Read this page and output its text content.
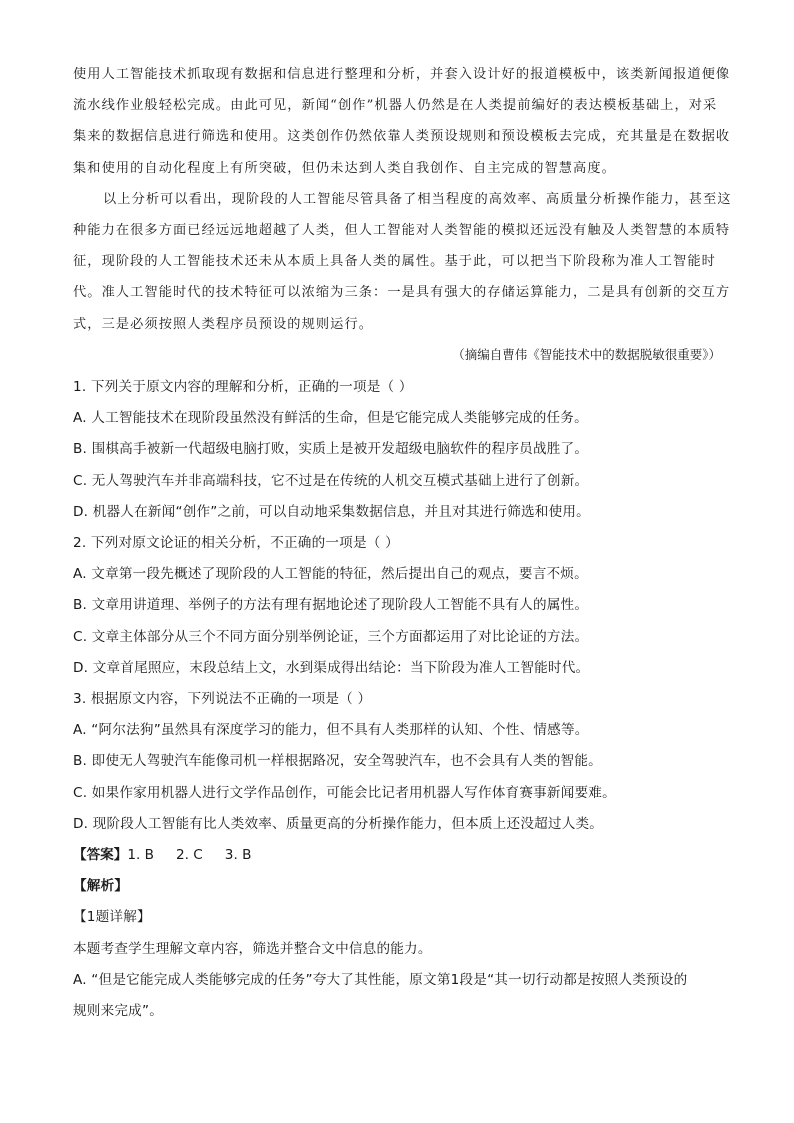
使用人工智能技术抓取现有数据和信息进行整理和分析，并套入设计好的报道模板中，该类新闻报道便像
流水线作业般轻松完成。由此可见，新闻“创作”机器人仍然是在人类提前编好的表达模板基础上，对采
集来的数据信息进行筛选和使用。这类创作仍然依靠人类预设规则和预设模板去完成，充其量是在数据收
集和使用的自动化程度上有所突破，但仍未达到人类自我创作、自主完成的智慧高度。
以上分析可以看出，现阶段的人工智能尽管具备了相当程度的高效率、高质量分析操作能力，甚至这
种能力在很多方面已经远远地超越了人类，但人工智能对人类智能的模拟还远没有触及人类智慧的本质特
征，现阶段的人工智能技术还未从本质上具备人类的属性。基于此，可以把当下阶段称为准人工智能时
代。准人工智能时代的技术特征可以浓缩为三条：一是具有强大的存储运算能力，二是具有创新的交互方
式，三是必须按照人类程序员预设的规则运行。
（摘编自曹伟《智能技术中的数据脱敏很重要》）
1. 下列关于原文内容的理解和分析，正确的一项是（ ）
A. 人工智能技术在现阶段虽然没有鲜活的生命，但是它能完成人类能够完成的任务。
B. 围棋高手被新一代超级电脑打败，实质上是被开发超级电脑软件的程序员战胜了。
C. 无人驾驶汽车并非高端科技，它不过是在传统的人机交互模式基础上进行了创新。
D. 机器人在新闻“创作”之前，可以自动地采集数据信息，并且对其进行筛选和使用。
2. 下列对原文论证的相关分析，不正确的一项是（ ）
A. 文章第一段先概述了现阶段的人工智能的特征，然后提出自己的观点，要言不烦。
B. 文章用讲道理、举例子的方法有理有据地论述了现阶段人工智能不具有人的属性。
C. 文章主体部分从三个不同方面分别举例论证，三个方面都运用了对比论证的方法。
D. 文章首尾照应，末段总结上文，水到渠成得出结论：当下阶段为准人工智能时代。
3. 根据原文内容，下列说法不正确的一项是（ ）
A. “阿尔法狗”虽然具有深度学习的能力，但不具有人类那样的认知、个性、情感等。
B. 即使无人驾驶汽车能像司机一样根据路况，安全驾驶汽车，也不会具有人类的智能。
C. 如果作家用机器人进行文学作品创作，可能会比记者用机器人写作体育赛事新闻要难。
D. 现阶段人工智能有比人类效率、质量更高的分析操作能力，但本质上还没超过人类。
【答案】1. B 2. C 3. B
【解析】
【1题详解】
本题考查学生理解文章内容，筛选并整合文中信息的能力。
A. “但是它能完成人类能够完成的任务”夸大了其性能，原文第1段是“其一切行动都是按照人类预设的
规则来完成”。
